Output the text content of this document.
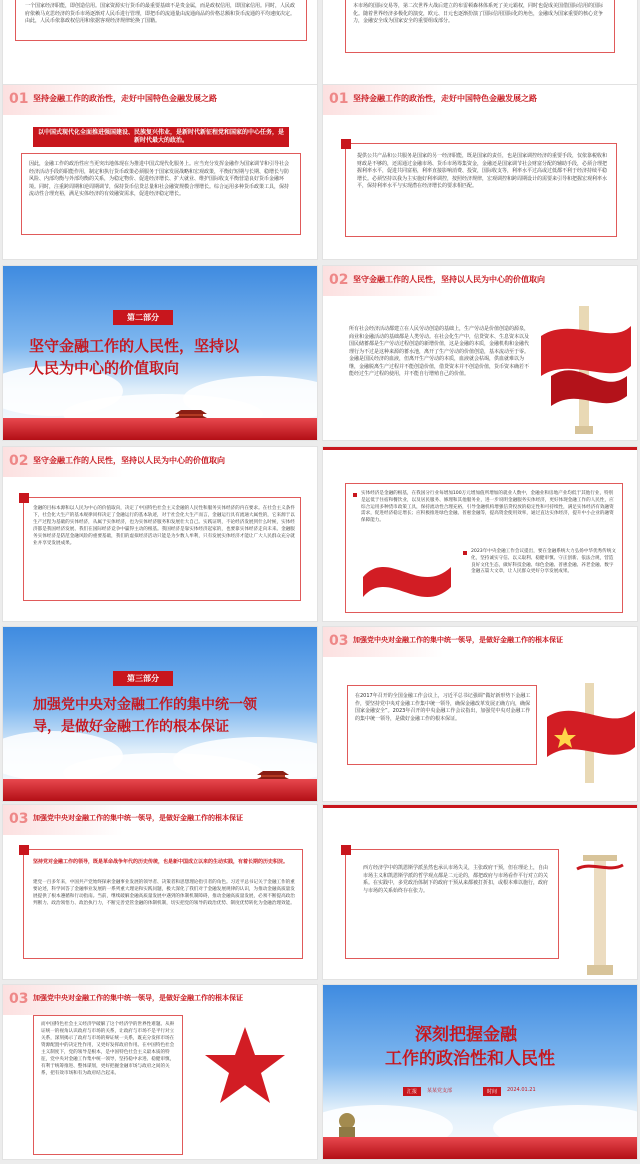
一个国家经济职能，即创造信用。国家资源实行货币的最重要基础不是贵金属，而是政权信用，即国家信用。同时，人民政府依赖马克思经济的货币市场逐渐对人民币进行管理，即把币的流通量由流通商品的价格总额和货币流通的平均速度决定。由此，人民币依靠政权信用和依据客观经济规律轮换了国籍。
本市场的国际交易等，第二次世界大战后建立的布雷顿森林体系死了美元霸权，同时也促成美国借国际信用的国际化。随着世界经济多极化的演变，欧元、日元也逐渐扮演了国际信用国际化的角色，金融成为国家重要的核心竞争力，金融安全成为国家安全的重要组成部分。
01 坚持金融工作的政治性，走好中国特色金融发展之路
以中国式现代化全面推进强国建设、民族复兴伟业，是新时代新征程党和国家的中心任务，是新时代最大的政治。
因此，金融工作的政治性应当更突出地体现在为推进中国式现代化服务上。应当充分发挥金融作为国家调节和引导社会经济活动手段的职能作用，制定和执行货币政策必须服务于国家发展战略和宏观政策，平衡好短期与长期、稳增长与防风险、内部均衡与外部均衡的关系，为稳定物价、促进经济增长、扩大就业、维护国际收支平衡营造良好货币金融环境。同时，注重跨周期和逆周期调节，保持货币信贷总量和社会融资规模合理增长。综合运用多种货币政策工具，保持流动性合理充裕，满足实体经济的有效融资需求，促进经济稳定增长。
01 坚持金融工作的政治性，走好中国特色金融发展之路
提供公共产品和公共服务是国家的另一经济职能，既是国家的责任，也是国家调控经济的重要手段，仅依靠税收和财政是不够的，还需通过金融市场、货币市场筹集资金，金融还是国家调节社会财富分配的辅助手段，必须合理把握利率水平，促进共同富裕，利率直接影响消费、投资，国际收支等，利率水平过高或过低都不利于经济持续平稳增长。必须坚持以我为主实施好利率调控，按照经济规律，宏观调控和跨周期设计的需要来引导和把握宏观利率水平，保持利率水平与实现潜在经济增长的要求相匹配。
第二部分
坚守金融工作的人民性，坚持以
人民为中心的价值取向
02 坚守金融工作的人民性，坚持以人民为中心的价值取向
所有社会经济活动都建立在人民劳动创造的基础上，生产劳动是价值创造的源泉，商业和金融活动的基础都是人类劳动。在社会化生产中，信贷资本、生息资本以及国民储蓄都是生产劳动过程创造的新增价值，这是金融的本质，金融机构和金融代理行为不过是这种来源的蓄水池，离开了生产劳动的价值创造，基本流动至于零。金融是国民经济的血液，但离开生产劳动的本质，血液就会枯竭，供血就难以为继，金融脱离生产过程并不能创造价值，借贷资本并不创造价值，货币资本确若不能经过生产过程的使用，并不能自行增殖自己的价值。
02 坚守金融工作的人民性，坚持以人民为中心的价值取向
金融的目标本源和以人民为中心的价值取向，决定了中国特色社会主义金融的人民性和服务实体经济的内在要求。在社会主义条件下，社会化大生产的基本规律同样决定了金融运行的基本轨迹，对于社会化大生产而言，金融运行具有流通大属性的，它来源于以生产过程为基础的实体经济，从属于实体经济，也为实体经济服务和发展壮大自己。实践证明，不论经济发展到什么时候，实体经济都是我国经济发展、我们在国际经济竞争中赢得主动的根基。我国经济是靠实体经济起家的，也要靠实体经济走向未来。金融服务实体经济是防范金融风险的重要基础，我们的虚拟经济活动只能是为少数人牟利，只有发展实体经济才能让广大人民群众充分就业并享受发展成果。
实体经济是金融的根基，在我国分行业每增加100万元增加值所增加的就业人数中，金融业和房地产业均低于其他行业，特别是远低于住宿和餐饮业，以及居民服务、修理和其他服务业，进一步说明金融服务实体经济，更好体现金融工作的人民性，应综合运用多种货币政策工具，保持流动性合理充裕，引导金融机构增强信贷投放的稳定性和可持续性，满足实体经济有效融资需求，促进经济稳定增长；应积极推进绿色金融、普惠金融等，提高资金使用效率，通过直达实体经济，提升中小企业的融资保障能力。
2023年中央金融工作会议提出，要在金融系统大力弘扬中华优秀传统文化，坚持诚实守信、以义取利、稳健审慎、守正创新、依法合规，营造良好文化生态，做好科技金融、绿色金融、普惠金融、养老金融、数字金融五篇大文章，让人民群众更好分享发展成果。
第三部分
加强党中央对金融工作的集中统一领
导，是做好金融工作的根本保证
03 加强党中央对金融工作的集中统一领导，是做好金融工作的根本保证
在2017年召开的全国金融工作会议上，习近平总书记强调“做好新形势下金融工作，要坚持党中央对金融工作集中统一领导，确保金融改革发展正确方向，确保国家金融安全”。2023年召开的中央金融工作会议指出，加强党中央对金融工作的集中统一领导，是做好金融工作的根本保证。
03 加强党中央对金融工作的集中统一领导，是做好金融工作的根本保证
坚持党对金融工作的领导，既是革命战争年代的历史传统，也是新中国成立以来的生动实践，有着长期的历史积淀。
建党一百多年来，中国共产党始终探索金融事业发展的领导者、决策者和思想理论指引者的角色。习近平总书记关于金融工作的重要论述，科学回答了金融事业发展的一系列重大理论和实践问题，极大深化了我们对于金融发展规律的认识，为推动金融高质量发展提供了根本遵循和行动指南。当前，继续破解金融高质量发展中遇到的体制机制障碍，推动金融高质量发展，必须不断提高政治判断力、政治领悟力、政治执行力，不断完善党管金融的体制机制，切实把党的领导的政治优势、制度优势转化为金融治理效能。
西方经济学中的凯恩斯学派虽然也承认市场失灵，主张政府干预，但在理论上，自由市场主义和凯恩斯学派的哲学观点都是二元论的，都把政府与市场看作平行对立的关系。在实践中，多党政治体制下的政府干预从来都被打折扣，或根本难以施行，政府与市场的关系始终存在张力。
03 加强党中央对金融工作的集中统一领导，是做好金融工作的根本保证
而中国特色社会主义经济学破解了这个经济学的世界性难题。从辩证统一的视角认识政府与市场的关系，让政府与市场不是平行对立关系，深刻揭示了政府与市场的辩证统一关系，既充分发挥市场在资源配置中的决定性作用，又更好发挥政府作用。在中国特色社会主义制度下，党的领导是根本，是中国特色社会主义最本质的特征，党中央对金融工作集中统一领导，坚持稳中求进、稳健审慎，有利于统筹推进、整体谋划，更好把握金融市场与政府之间的关系，把有效市场和有为政府结合起来。
深刻把握金融
工作的政治性和人民性
汇报	某某党支部	时间	2024.01.21
